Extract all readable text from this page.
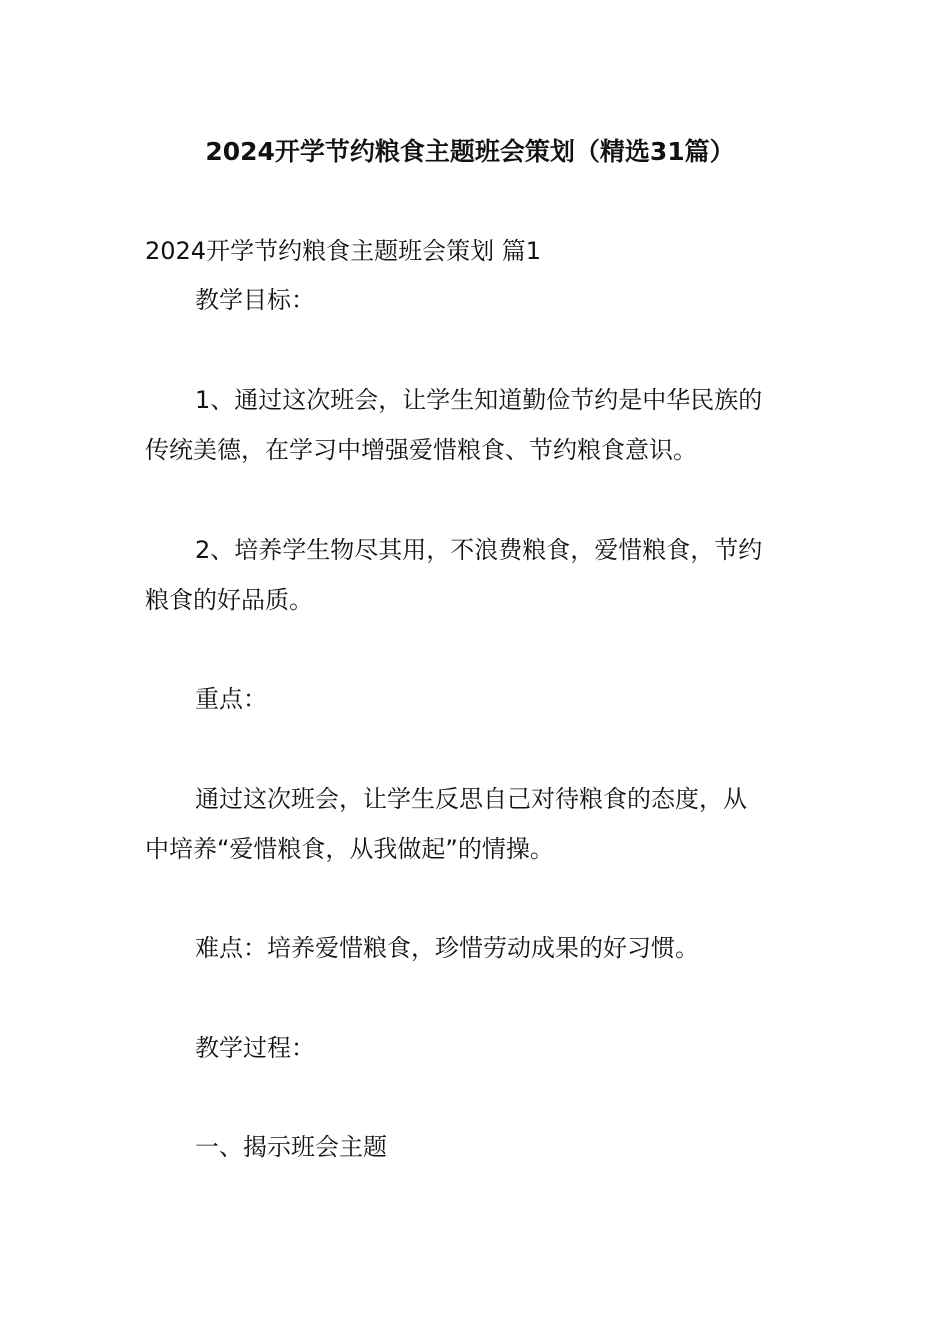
2024开学节约粮食主题班会策划（精选31篇）
2024开学节约粮食主题班会策划 篇1
教学目标：
1、通过这次班会，让学生知道勤俭节约是中华民族的
传统美德，在学习中增强爱惜粮食、节约粮食意识。
2、培养学生物尽其用，不浪费粮食，爱惜粮食，节约
粮食的好品质。
重点：
通过这次班会，让学生反思自己对待粮食的态度，从
中培养“爱惜粮食，从我做起”的情操。
难点：培养爱惜粮食，珍惜劳动成果的好习惯。
教学过程：
一、揭示班会主题
